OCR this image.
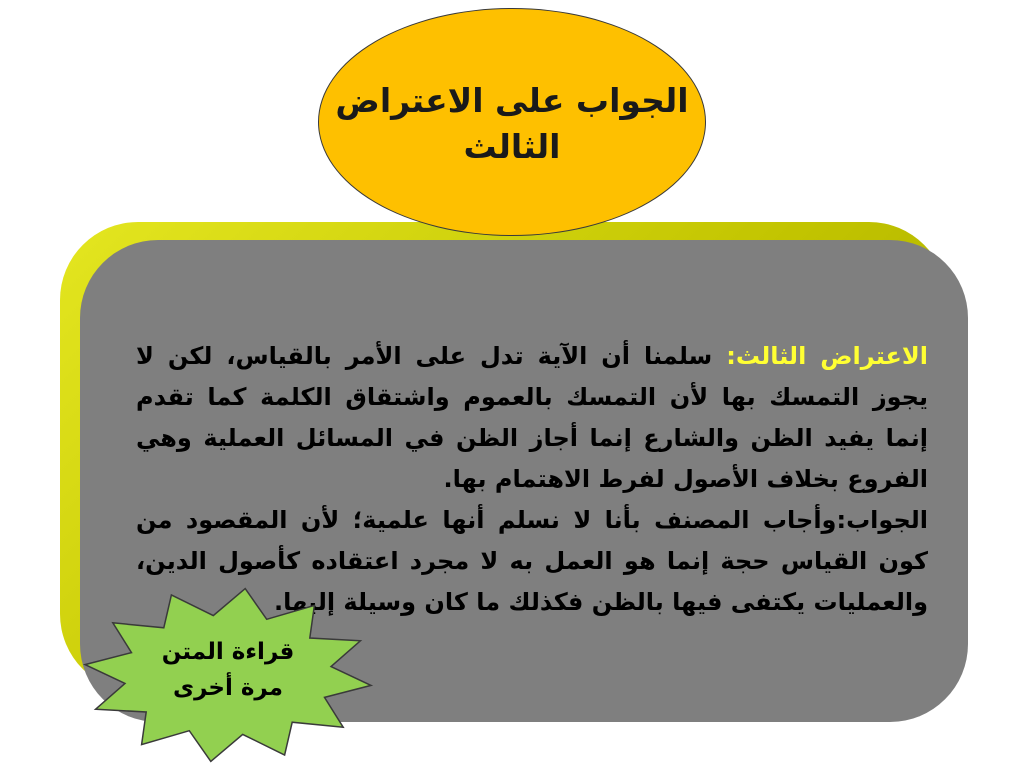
الجواب على الاعتراض
الثالث

الاعتراض الثالث: سلمنا أن الآية تدل على الأمر بالقياس، لكن لا يجوز التمسك بها لأن التمسك بالعموم واشتقاق الكلمة كما تقدم إنما يفيد الظن والشارع إنما أجاز الظن في المسائل العملية وهي الفروع بخلاف الأصول لفرط الاهتمام بها.

الجواب:وأجاب المصنف بأنا لا نسلم أنها علمية؛ لأن المقصود من كون القياس حجة إنما هو العمل به لا مجرد اعتقاده كأصول الدين، والعمليات يكتفى فيها بالظن فكذلك ما كان وسيلة إليها.

قراءة المتن
مرة أخرى
